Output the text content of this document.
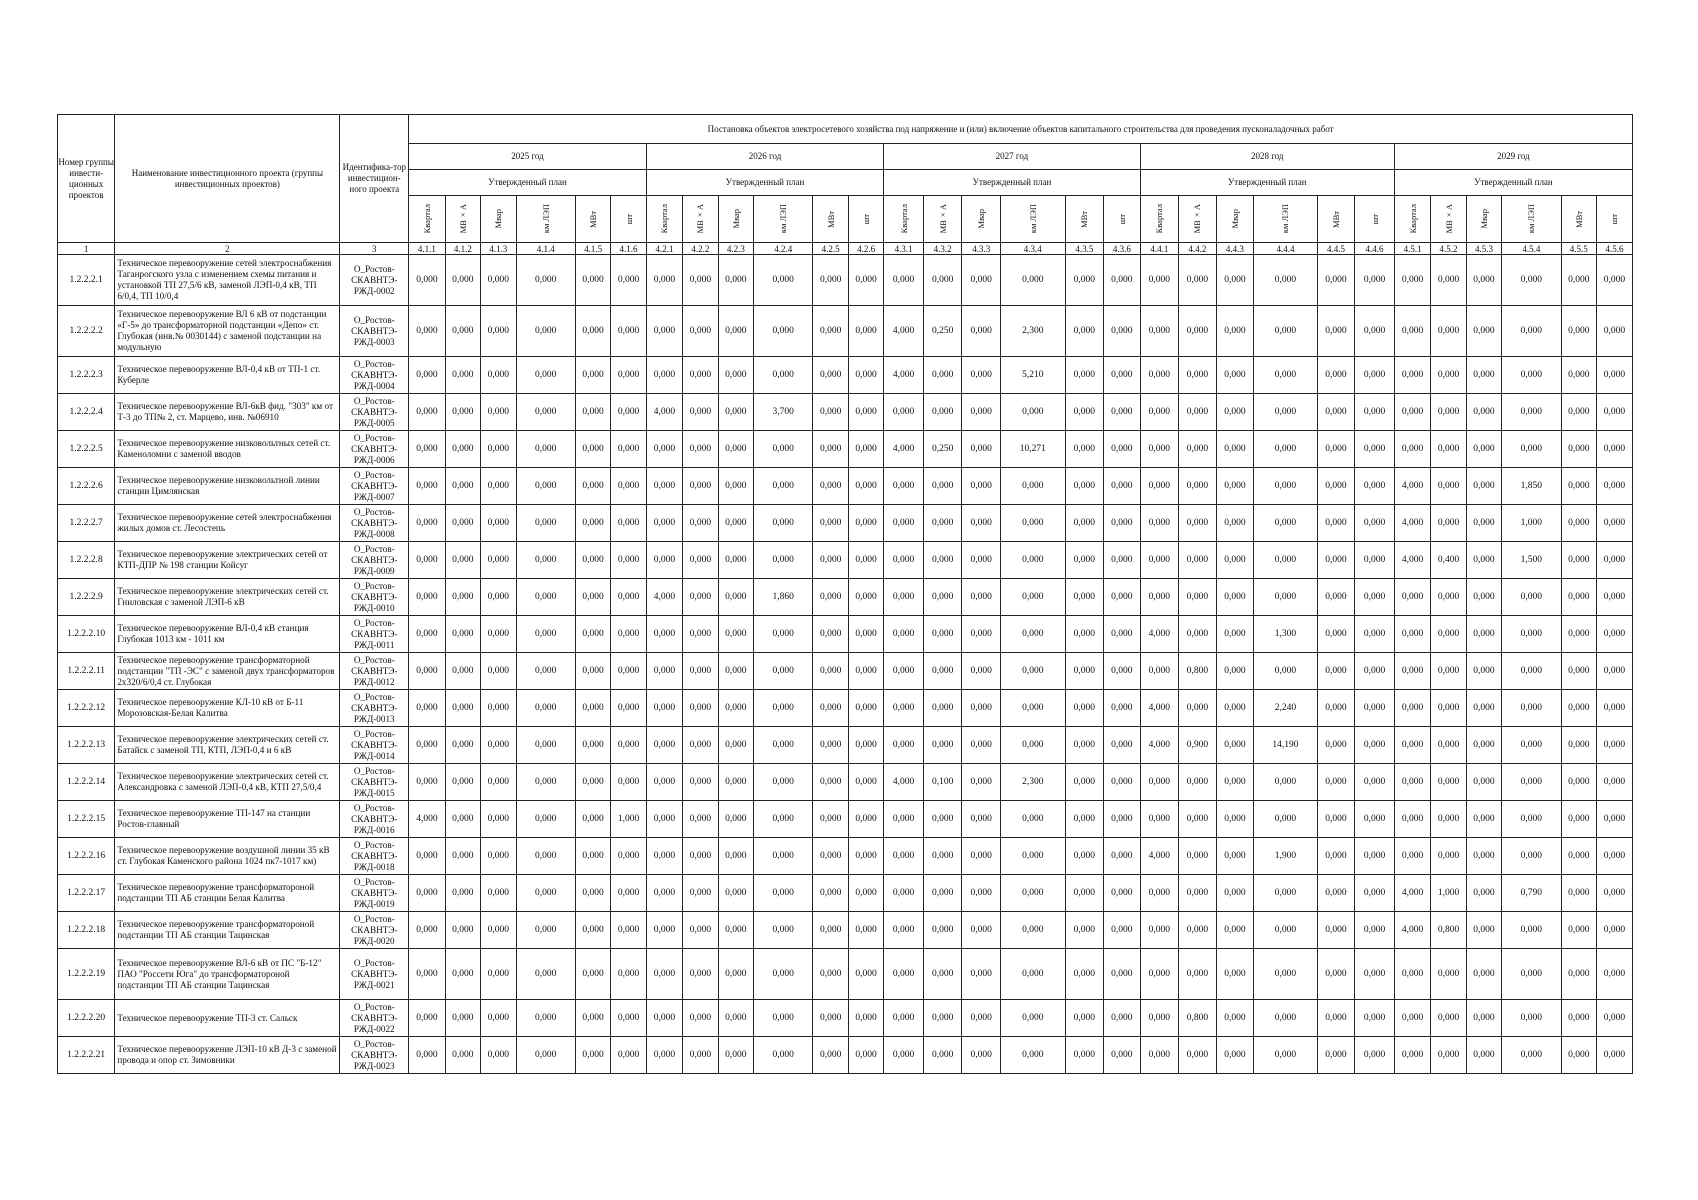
Номер группы инвести-ционных проектов	Наименование инвестиционного проекта (группы инвестиционных проектов)	Идентифика-тор инвестицион-ного проекта	Постановка объектов электросетевого хозяйства под напряжение и (или) включение объектов капитального строительства для проведения пусконаладочных работ																													
			2025 год						2026 год						2027 год						2028 год						2029 год					
			Утвержденный план						Утвержденный план						Утвержденный план						Утвержденный план						Утвержденный план					

			Квартал	МВ×А	Мвар	км ЛЭП	МВт	шт	Квартал	МВ×А	Мвар	км ЛЭП	МВт	шт	Квартал	МВ×А	Мвар	км ЛЭП	МВт	шт	Квартал	МВ×А	Мвар	км ЛЭП	МВт	шт	Квартал	МВ×А	Мвар	км ЛЭП	МВт	шт

1	2	3	4.1.1	4.1.2	4.1.3	4.1.4	4.1.5	4.1.6	4.2.1	4.2.2	4.2.3	4.2.4	4.2.5	4.2.6	4.3.1	4.3.2	4.3.3	4.3.4	4.3.5	4.3.6	4.4.1	4.4.2	4.4.3	4.4.4	4.4.5	4.4.6	4.5.1	4.5.2	4.5.3	4.5.4	4.5.5	4.5.6
1.2.2.2.1	Техническое перевооружение сетей электроснабжения Таганрогского узла с изменением схемы питания и установкой ТП 27,5/6 кВ, заменой ЛЭП-0,4 кВ, ТП 6/0,4, ТП 10/0,4	O_Ростов-СКАВНТЭ-РЖД-0002	0,000	0,000	0,000	0,000	0,000	0,000	0,000	0,000	0,000	0,000	0,000	0,000	0,000	0,000	0,000	0,000	0,000	0,000	0,000	0,000	0,000	0,000	0,000	0,000	0,000	0,000	0,000	0,000	0,000	0,000
1.2.2.2.2	Техническое перевооружение ВЛ 6 кВ от подстанции «Г-5» до трансформаторной подстанции «Депо» ст. Глубокая (инв.№ 0030144) с заменой подстанции на модульную	O_Ростов-СКАВНТЭ-РЖД-0003	0,000	0,000	0,000	0,000	0,000	0,000	0,000	0,000	0,000	0,000	0,000	0,000	4,000	0,250	0,000	2,300	0,000	0,000	0,000	0,000	0,000	0,000	0,000	0,000	0,000	0,000	0,000	0,000	0,000	0,000
1.2.2.2.3	Техническое перевооружение ВЛ-0,4 кВ от ТП-1 ст. Куберле	O_Ростов-СКАВНТЭ-РЖД-0004	0,000	0,000	0,000	0,000	0,000	0,000	0,000	0,000	0,000	0,000	0,000	0,000	4,000	0,000	0,000	5,210	0,000	0,000	0,000	0,000	0,000	0,000	0,000	0,000	0,000	0,000	0,000	0,000	0,000	0,000
1.2.2.2.4	Техническое перевооружение ВЛ-6кВ фид. "303" км от Т-3 до ТП№ 2, ст. Марцево, инв. №06910	O_Ростов-СКАВНТЭ-РЖД-0005	0,000	0,000	0,000	0,000	0,000	0,000	4,000	0,000	0,000	3,700	0,000	0,000	0,000	0,000	0,000	0,000	0,000	0,000	0,000	0,000	0,000	0,000	0,000	0,000	0,000	0,000	0,000	0,000	0,000	0,000
1.2.2.2.5	Техническое перевооружение низковольтных сетей ст. Каменоломни с заменой вводов	O_Ростов-СКАВНТЭ-РЖД-0006	0,000	0,000	0,000	0,000	0,000	0,000	0,000	0,000	0,000	0,000	0,000	0,000	4,000	0,250	0,000	10,271	0,000	0,000	0,000	0,000	0,000	0,000	0,000	0,000	0,000	0,000	0,000	0,000	0,000	0,000
1.2.2.2.6	Техническое перевооружение низковольтной линии станции Цимлянская	O_Ростов-СКАВНТЭ-РЖД-0007	0,000	0,000	0,000	0,000	0,000	0,000	0,000	0,000	0,000	0,000	0,000	0,000	0,000	0,000	0,000	0,000	0,000	0,000	0,000	0,000	0,000	0,000	0,000	0,000	4,000	0,000	0,000	1,850	0,000	0,000
1.2.2.2.7	Техническое перевооружение сетей электроснабжения жилых домов ст. Лесостепь	O_Ростов-СКАВНТЭ-РЖД-0008	0,000	0,000	0,000	0,000	0,000	0,000	0,000	0,000	0,000	0,000	0,000	0,000	0,000	0,000	0,000	0,000	0,000	0,000	0,000	0,000	0,000	0,000	0,000	0,000	4,000	0,000	0,000	1,000	0,000	0,000
1.2.2.2.8	Техническое перевооружение электрических сетей от КТП-ДПР № 198 станции Койсуг	O_Ростов-СКАВНТЭ-РЖД-0009	0,000	0,000	0,000	0,000	0,000	0,000	0,000	0,000	0,000	0,000	0,000	0,000	0,000	0,000	0,000	0,000	0,000	0,000	0,000	0,000	0,000	0,000	0,000	0,000	4,000	0,400	0,000	1,500	0,000	0,000
1.2.2.2.9	Техническое перевооружение электрических сетей ст. Гниловская с заменой ЛЭП-6 кВ	O_Ростов-СКАВНТЭ-РЖД-0010	0,000	0,000	0,000	0,000	0,000	0,000	4,000	0,000	0,000	1,860	0,000	0,000	0,000	0,000	0,000	0,000	0,000	0,000	0,000	0,000	0,000	0,000	0,000	0,000	0,000	0,000	0,000	0,000	0,000	0,000
1.2.2.2.10	Техническое перевооружение ВЛ-0,4 кВ станция Глубокая 1013 км - 1011 км	O_Ростов-СКАВНТЭ-РЖД-0011	0,000	0,000	0,000	0,000	0,000	0,000	0,000	0,000	0,000	0,000	0,000	0,000	0,000	0,000	0,000	0,000	0,000	0,000	4,000	0,000	0,000	1,300	0,000	0,000	0,000	0,000	0,000	0,000	0,000	0,000
1.2.2.2.11	Техническое перевооружение трансформаторной подстанции "ТП -ЭС" с заменой двух трансформаторов 2х320/6/0,4 ст. Глубокая	O_Ростов-СКАВНТЭ-РЖД-0012	0,000	0,000	0,000	0,000	0,000	0,000	0,000	0,000	0,000	0,000	0,000	0,000	0,000	0,000	0,000	0,000	0,000	0,000	0,000	0,800	0,000	0,000	0,000	0,000	0,000	0,000	0,000	0,000	0,000	0,000
1.2.2.2.12	Техническое перевооружение КЛ-10 кВ от Б-11 Морозовская-Белая Калитва	O_Ростов-СКАВНТЭ-РЖД-0013	0,000	0,000	0,000	0,000	0,000	0,000	0,000	0,000	0,000	0,000	0,000	0,000	0,000	0,000	0,000	0,000	0,000	0,000	4,000	0,000	0,000	2,240	0,000	0,000	0,000	0,000	0,000	0,000	0,000	0,000
1.2.2.2.13	Техническое перевооружение электрических сетей ст. Батайск с заменой ТП, КТП, ЛЭП-0,4 и 6 кВ	O_Ростов-СКАВНТЭ-РЖД-0014	0,000	0,000	0,000	0,000	0,000	0,000	0,000	0,000	0,000	0,000	0,000	0,000	0,000	0,000	0,000	0,000	0,000	0,000	4,000	0,900	0,000	14,190	0,000	0,000	0,000	0,000	0,000	0,000	0,000	0,000
1.2.2.2.14	Техническое перевооружение электрических сетей ст. Александровка с заменой ЛЭП-0,4 кВ, КТП 27,5/0,4	O_Ростов-СКАВНТЭ-РЖД-0015	0,000	0,000	0,000	0,000	0,000	0,000	0,000	0,000	0,000	0,000	0,000	0,000	4,000	0,100	0,000	2,300	0,000	0,000	0,000	0,000	0,000	0,000	0,000	0,000	0,000	0,000	0,000	0,000	0,000	0,000
1.2.2.2.15	Техническое перевооружение ТП-147 на станции Ростов-главный	O_Ростов-СКАВНТЭ-РЖД-0016	4,000	0,000	0,000	0,000	0,000	1,000	0,000	0,000	0,000	0,000	0,000	0,000	0,000	0,000	0,000	0,000	0,000	0,000	0,000	0,000	0,000	0,000	0,000	0,000	0,000	0,000	0,000	0,000	0,000	0,000
1.2.2.2.16	Техническое перевооружение воздушной линии 35 кВ ст. Глубокая Каменского района 1024 пк7-1017 км)	O_Ростов-СКАВНТЭ-РЖД-0018	0,000	0,000	0,000	0,000	0,000	0,000	0,000	0,000	0,000	0,000	0,000	0,000	0,000	0,000	0,000	0,000	0,000	0,000	4,000	0,000	0,000	1,900	0,000	0,000	0,000	0,000	0,000	0,000	0,000	0,000
1.2.2.2.17	Техническое перевооружение трансформатороной подстанции ТП АБ станции Белая Калитва	O_Ростов-СКАВНТЭ-РЖД-0019	0,000	0,000	0,000	0,000	0,000	0,000	0,000	0,000	0,000	0,000	0,000	0,000	0,000	0,000	0,000	0,000	0,000	0,000	0,000	0,000	0,000	0,000	0,000	0,000	4,000	1,000	0,000	0,790	0,000	0,000
1.2.2.2.18	Техническое перевооружение трансформатороной подстанции ТП АБ станции Тацинская	O_Ростов-СКАВНТЭ-РЖД-0020	0,000	0,000	0,000	0,000	0,000	0,000	0,000	0,000	0,000	0,000	0,000	0,000	0,000	0,000	0,000	0,000	0,000	0,000	0,000	0,000	0,000	0,000	0,000	0,000	4,000	0,800	0,000	0,000	0,000	0,000
1.2.2.2.19	Техническое перевооружение ВЛ-6 кВ от ПС "Б-12" ПАО "Россети Юга" до трансформатороной подстанции ТП АБ станции Тацинская	O_Ростов-СКАВНТЭ-РЖД-0021	0,000	0,000	0,000	0,000	0,000	0,000	0,000	0,000	0,000	0,000	0,000	0,000	0,000	0,000	0,000	0,000	0,000	0,000	0,000	0,000	0,000	0,000	0,000	0,000	0,000	0,000	0,000	0,000	0,000	0,000
1.2.2.2.20	Техническое перевооружение ТП-3 ст. Сальск	O_Ростов-СКАВНТЭ-РЖД-0022	0,000	0,000	0,000	0,000	0,000	0,000	0,000	0,000	0,000	0,000	0,000	0,000	0,000	0,000	0,000	0,000	0,000	0,000	0,000	0,800	0,000	0,000	0,000	0,000	0,000	0,000	0,000	0,000	0,000	0,000
1.2.2.2.21	Техническое перевооружение ЛЭП-10 кВ Д-3 с заменой провода и опор ст. Зимовники	O_Ростов-СКАВНТЭ-РЖД-0023	0,000	0,000	0,000	0,000	0,000	0,000	0,000	0,000	0,000	0,000	0,000	0,000	0,000	0,000	0,000	0,000	0,000	0,000	0,000	0,000	0,000	0,000	0,000	0,000	0,000	0,000	0,000	0,000	0,000	0,000
